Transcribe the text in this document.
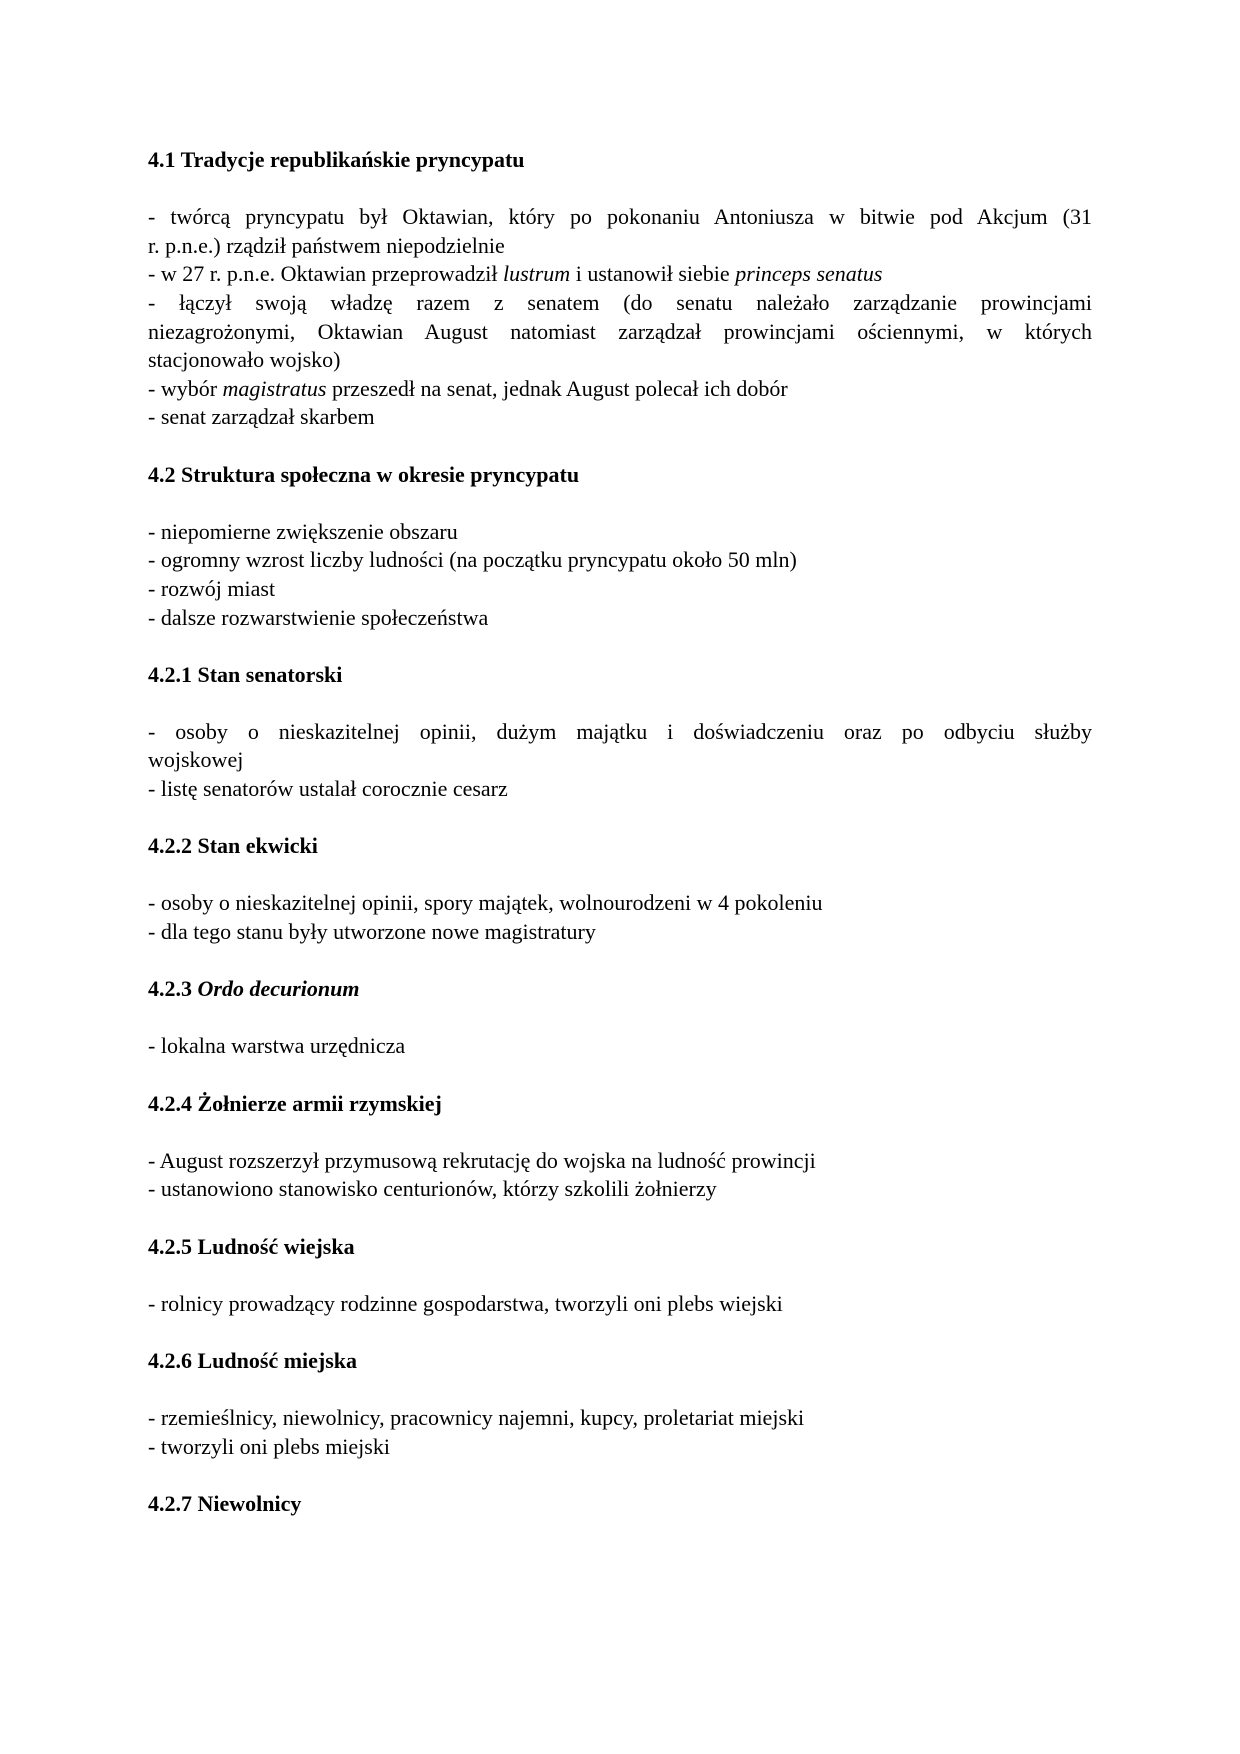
4.1 Tradycje republikańskie pryncypatu

- twórcą pryncypatu był Oktawian, który po pokonaniu Antoniusza w bitwie pod Akcjum (31

r. p.n.e.) rządził państwem niepodzielnie

- w 27 r. p.n.e. Oktawian przeprowadził lustrum i ustanowił siebie princeps senatus

- łączył swoją władzę razem z senatem (do senatu należało zarządzanie prowincjami

niezagrożonymi, Oktawian August natomiast zarządzał prowincjami ościennymi, w których

stacjonowało wojsko)

- wybór magistratus przeszedł na senat, jednak August polecał ich dobór

- senat zarządzał skarbem

4.2 Struktura społeczna w okresie pryncypatu

- niepomierne zwiększenie obszaru

- ogromny wzrost liczby ludności (na początku pryncypatu około 50 mln)

- rozwój miast

- dalsze rozwarstwienie społeczeństwa

4.2.1 Stan senatorski

- osoby o nieskazitelnej opinii, dużym majątku i doświadczeniu oraz po odbyciu służby

wojskowej

- listę senatorów ustalał corocznie cesarz

4.2.2 Stan ekwicki

- osoby o nieskazitelnej opinii, spory majątek, wolnourodzeni w 4 pokoleniu

- dla tego stanu były utworzone nowe magistratury

4.2.3 Ordo decurionum

- lokalna warstwa urzędnicza

4.2.4 Żołnierze armii rzymskiej

- August rozszerzył przymusową rekrutację do wojska na ludność prowincji

- ustanowiono stanowisko centurionów, którzy szkolili żołnierzy

4.2.5 Ludność wiejska

- rolnicy prowadzący rodzinne gospodarstwa, tworzyli oni plebs wiejski

4.2.6 Ludność miejska

- rzemieślnicy, niewolnicy, pracownicy najemni, kupcy, proletariat miejski

- tworzyli oni plebs miejski

4.2.7 Niewolnicy
